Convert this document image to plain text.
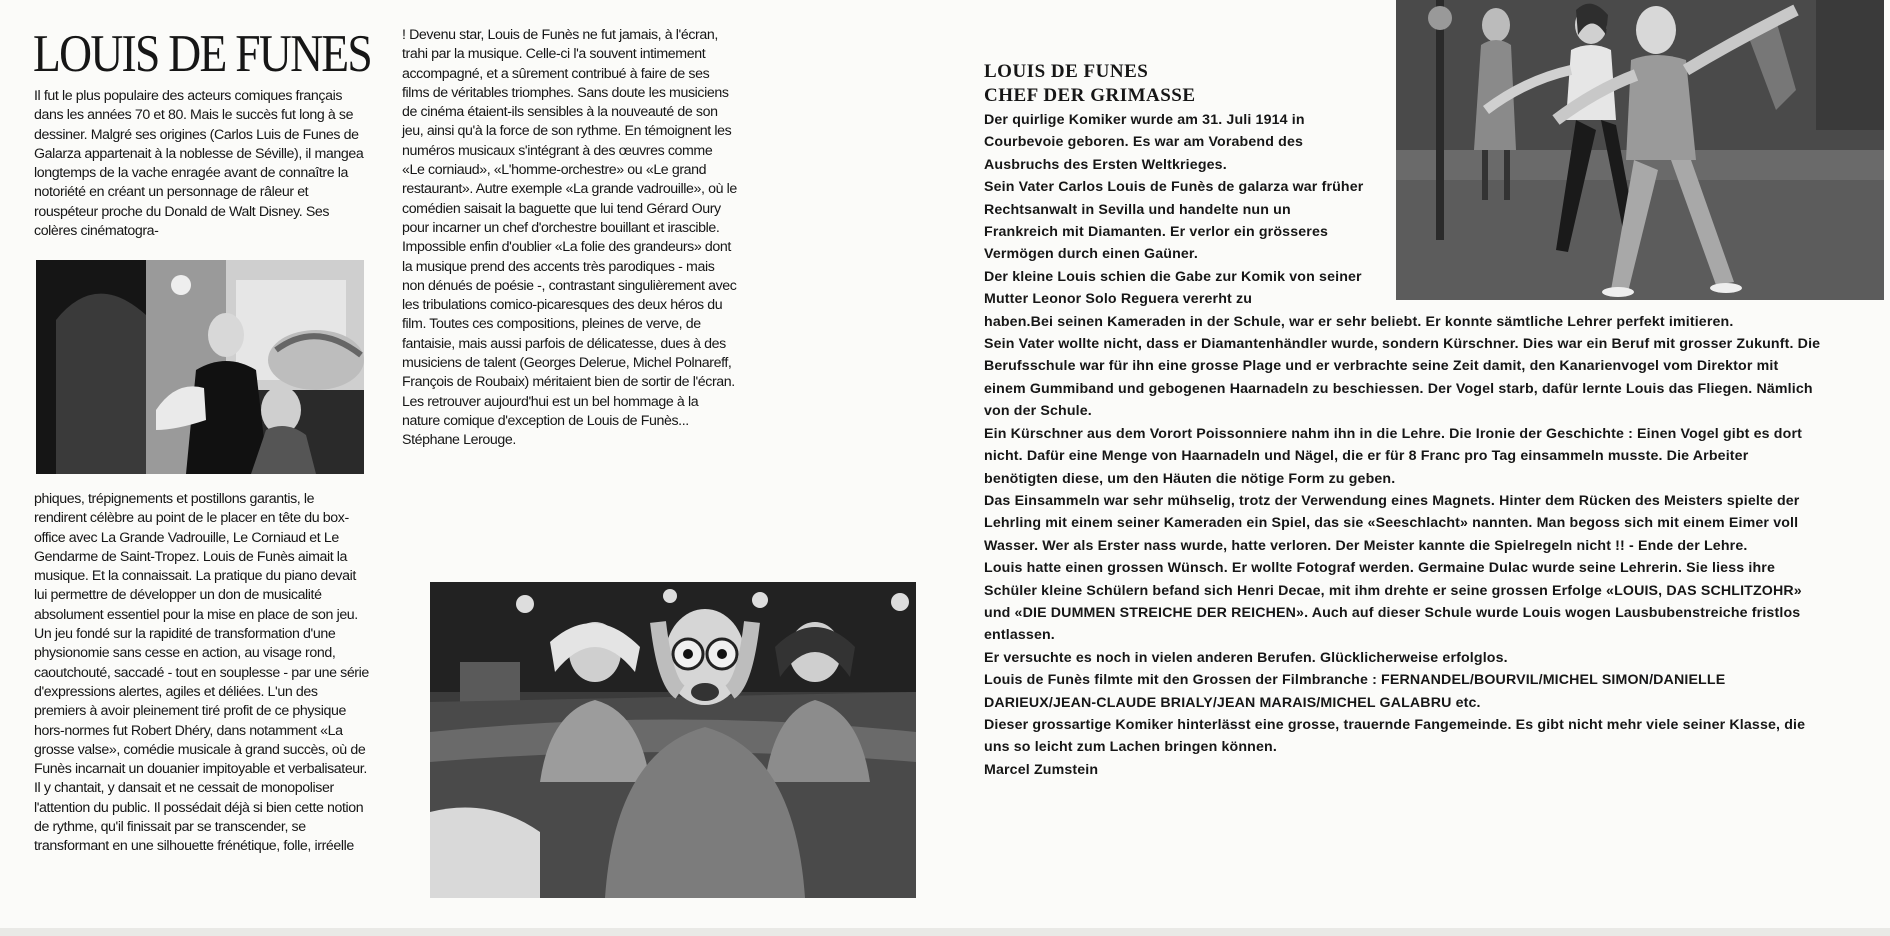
LOUIS DE FUNES

Il fut le plus populaire des acteurs comiques français dans les années 70 et 80. Mais le succès fut long à se dessiner. Malgré ses origines (Carlos Luis de Funes de Galarza appartenait à la noblesse de Séville), il mangea longtemps de la vache enragée avant de connaître la notoriété en créant un personnage de râleur et rouspéteur proche du Donald de Walt Disney. Ses colères cinématogra-

phiques, trépignements et postillons garantis, le rendirent célèbre au point de le placer en tête du box-office avec La Grande Vadrouille, Le Corniaud et Le Gendarme de Saint-Tropez. Louis de Funès aimait la musique. Et la connaissait. La pratique du piano devait lui permettre de développer un don de musicalité absolument essentiel pour la mise en place de son jeu. Un jeu fondé sur la rapidité de transformation d'une physionomie sans cesse en action, au visage rond, caoutchouté, saccadé - tout en souplesse - par une série d'expressions alertes, agiles et déliées. L'un des premiers à avoir pleinement tiré profit de ce physique hors-normes fut Robert Dhéry, dans notamment «La grosse valse», comédie musicale à grand succès, où de Funès incarnait un douanier impitoyable et verbalisateur. Il y chantait, y dansait et ne cessait de monopoliser l'attention du public. Il possédait déjà si bien cette notion de rythme, qu'il finissait par se transcender, se transformant en une silhouette frénétique, folle, irréelle

! Devenu star, Louis de Funès ne fut jamais, à l'écran, trahi par la musique. Celle-ci l'a souvent intimement accompagné, et a sûrement contribué à faire de ses films de véritables triomphes. Sans doute les musiciens de cinéma étaient-ils sensibles à la nouveauté de son jeu, ainsi qu'à la force de son rythme. En témoignent les numéros musicaux s'intégrant à des œuvres comme «Le corniaud», «L'homme-orchestre» ou «Le grand restaurant». Autre exemple «La grande vadrouille», où le comédien saisait la baguette que lui tend Gérard Oury pour incarner un chef d'orchestre bouillant et irascible. Impossible enfin d'oublier «La folie des grandeurs» dont la musique prend des accents très parodiques - mais non dénués de poésie -, contrastant singulièrement avec les tribulations comico-picaresques des deux héros du film. Toutes ces compositions, pleines de verve, de fantaisie, mais aussi parfois de délicatesse, dues à des musiciens de talent (Georges Delerue, Michel Polnareff, François de Roubaix) méritaient bien de sortir de l'écran. Les retrouver aujourd'hui est un bel hommage à la nature comique d'exception de Louis de Funès...

Stéphane Lerouge.

LOUIS DE FUNES
CHEF DER GRIMASSE

Der quirlige Komiker wurde am 31. Juli 1914 in Courbevoie geboren. Es war am Vorabend des Ausbruchs des Ersten Weltkrieges.

Sein Vater Carlos Louis de Funès de galarza war früher Rechtsanwalt in Sevilla und handelte nun un Frankreich mit Diamanten. Er verlor ein grösseres Vermögen durch einen Gaüner.

Der kleine Louis schien die Gabe zur Komik von seiner Mutter Leonor Solo Reguera vererht zu

haben.Bei seinen Kameraden in der Schule, war er sehr beliebt. Er konnte sämtliche Lehrer perfekt imitieren.

Sein Vater wollte nicht, dass er Diamantenhändler wurde, sondern Kürschner. Dies war ein Beruf mit grosser Zukunft. Die Berufsschule war für ihn eine grosse Plage und er verbrachte seine Zeit damit, den Kanarienvogel vom Direktor mit einem Gummiband und gebogenen Haarnadeln zu beschiessen. Der Vogel starb, dafür lernte Louis das Fliegen. Nämlich von der Schule.

Ein Kürschner aus dem Vorort Poissonniere nahm ihn in die Lehre. Die Ironie der Geschichte : Einen Vogel gibt es dort nicht. Dafür eine Menge von Haarnadeln und Nägel, die er für 8 Franc pro Tag einsammeln musste. Die Arbeiter benötigten diese, um den Häuten die nötige Form zu geben.

Das Einsammeln war sehr mühselig, trotz der Verwendung eines Magnets. Hinter dem Rücken des Meisters spielte der Lehrling mit einem seiner Kameraden ein Spiel, das sie «Seeschlacht» nannten. Man begoss sich mit einem Eimer voll Wasser. Wer als Erster nass wurde, hatte verloren. Der Meister kannte die Spielregeln nicht !! - Ende der Lehre.

Louis hatte einen grossen Wünsch. Er wollte Fotograf werden. Germaine Dulac wurde seine Lehrerin. Sie liess ihre Schüler kleine Schülern befand sich Henri Decae, mit ihm drehte er seine grossen Erfolge «LOUIS, DAS SCHLITZOHR» und «DIE DUMMEN STREICHE DER REICHEN». Auch auf dieser Schule wurde Louis wogen Lausbubenstreiche fristlos entlassen.

Er versuchte es noch in vielen anderen Berufen. Glücklicherweise erfolglos.

Louis de Funès filmte mit den Grossen der Filmbranche : FERNANDEL/BOURVIL/MICHEL SIMON/DANIELLE DARIEUX/JEAN-CLAUDE BRIALY/JEAN MARAIS/MICHEL GALABRU etc.

Dieser grossartige Komiker hinterlässt eine grosse, trauernde Fangemeinde. Es gibt nicht mehr viele seiner Klasse, die uns so leicht zum Lachen bringen können.

Marcel Zumstein
